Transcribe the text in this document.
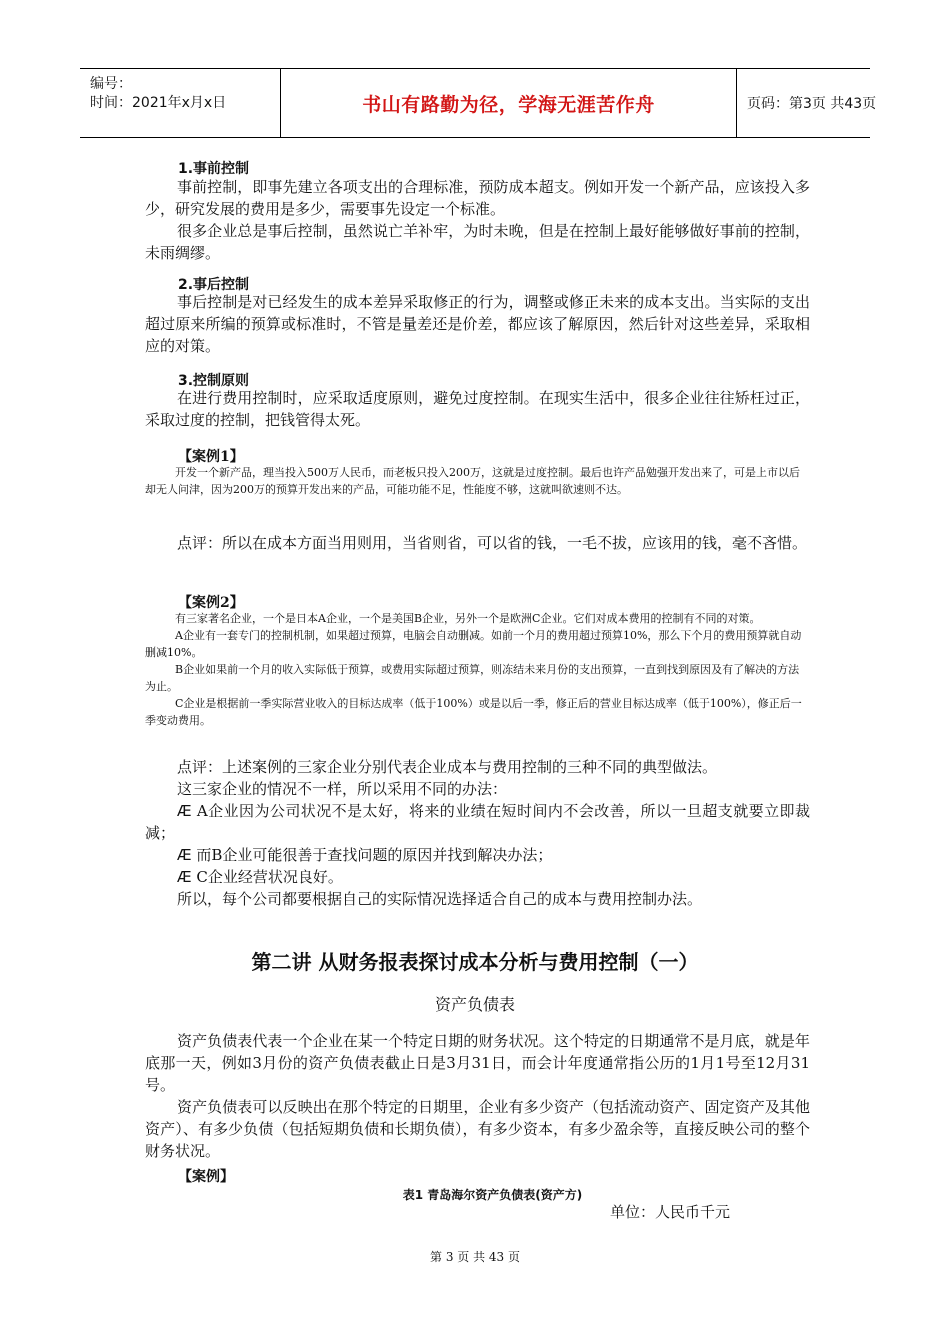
编号：
时间：2021年x月x日	书山有路勤为径，学海无涯苦作舟	页码：第3页 共43页
1.事前控制

事前控制，即事先建立各项支出的合理标准，预防成本超支。例如开发一个新产品，应该投入多少，研究发展的费用是多少，需要事先设定一个标准。

很多企业总是事后控制，虽然说亡羊补牢，为时未晚，但是在控制上最好能够做好事前的控制，未雨绸缪。

2.事后控制

事后控制是对已经发生的成本差异采取修正的行为，调整或修正未来的成本支出。当实际的支出超过原来所编的预算或标准时，不管是量差还是价差，都应该了解原因，然后针对这些差异，采取相应的对策。

3.控制原则

在进行费用控制时，应采取适度原则，避免过度控制。在现实生活中，很多企业往往矫枉过正，采取过度的控制，把钱管得太死。

【案例1】

开发一个新产品，理当投入500万人民币，而老板只投入200万，这就是过度控制。最后也许产品勉强开发出来了，可是上市以后却无人问津，因为200万的预算开发出来的产品，可能功能不足，性能度不够，这就叫欲速则不达。

点评：所以在成本方面当用则用，当省则省，可以省的钱，一毛不拔，应该用的钱，毫不吝惜。

【案例2】

有三家著名企业，一个是日本A企业，一个是美国B企业，另外一个是欧洲C企业。它们对成本费用的控制有不同的对策。

A企业有一套专门的控制机制，如果超过预算，电脑会自动删减。如前一个月的费用超过预算10%，那么下个月的费用预算就自动删减10%。

B企业如果前一个月的收入实际低于预算，或费用实际超过预算，则冻结未来月份的支出预算，一直到找到原因及有了解决的方法为止。

C企业是根据前一季实际营业收入的目标达成率（低于100%）或是以后一季，修正后的营业目标达成率（低于100%），修正后一季变动费用。

点评：上述案例的三家企业分别代表企业成本与费用控制的三种不同的典型做法。

这三家企业的情况不一样，所以采用不同的办法：

Æ A企业因为公司状况不是太好，将来的业绩在短时间内不会改善，所以一旦超支就要立即裁减；

Æ 而B企业可能很善于查找问题的原因并找到解决办法；

Æ C企业经营状况良好。

所以，每个公司都要根据自己的实际情况选择适合自己的成本与费用控制办法。

第二讲 从财务报表探讨成本分析与费用控制（一）
资产负债表

资产负债表代表一个企业在某一个特定日期的财务状况。这个特定的日期通常不是月底，就是年底那一天，例如3月份的资产负债表截止日是3月31日，而会计年度通常指公历的1月1号至12月31号。

资产负债表可以反映出在那个特定的日期里，企业有多少资产（包括流动资产、固定资产及其他资产）、有多少负债（包括短期负债和长期负债），有多少资本，有多少盈余等，直接反映公司的整个财务状况。

【案例】
表1 青岛海尔资产负债表(资产方)
单位：人民币千元
第 3 页 共 43 页
